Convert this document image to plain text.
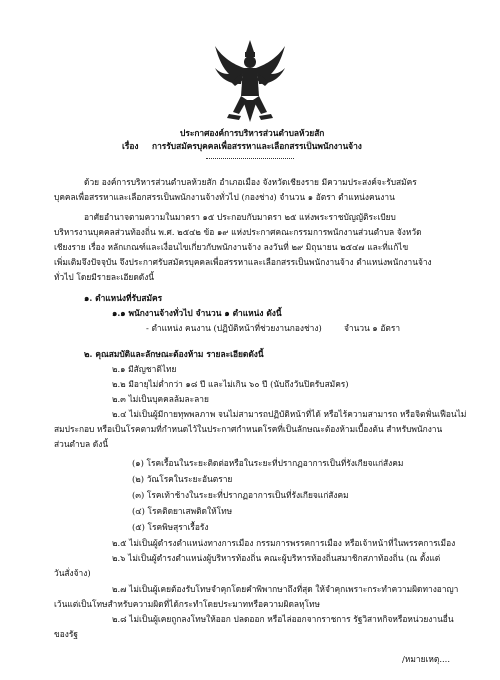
ประกาศองค์การบริหารส่วนตำบลห้วยสัก
เรื่อง การรับสมัครบุคคลเพื่อสรรหาและเลือกสรรเป็นพนักงานจ้าง
ด้วย องค์การบริหารส่วนตำบลห้วยสัก อำเภอเมือง จังหวัดเชียงราย มีความประสงค์จะรับสมัคร
บุคคลเพื่อสรรหาและเลือกสรรเป็นพนักงานจ้างทั่วไป (กองช่าง) จำนวน ๑ อัตรา ตำแหน่งคนงาน
อาศัยอำนาจตามความในมาตรา ๑๕ ประกอบกับมาตรา ๒๕ แห่งพระราชบัญญัติระเบียบ
บริหารงานบุคคลส่วนท้องถิ่น พ.ศ. ๒๕๔๒ ข้อ ๑๙ แห่งประกาศคณะกรรมการพนักงานส่วนตำบล จังหวัด
เชียงราย เรื่อง หลักเกณฑ์และเงื่อนไขเกี่ยวกับพนักงานจ้าง ลงวันที่ ๒๙ มิถุนายน ๒๕๔๗ และที่แก้ไข
เพิ่มเติมจึงปัจจุบัน จึงประกาศรับสมัครบุคคลเพื่อสรรหาและเลือกสรรเป็นพนักงานจ้าง ตำแหน่งพนักงานจ้าง
ทั่วไป โดยมีรายละเอียดดังนี้
๑. ตำแหน่งที่รับสมัคร
๑.๑ พนักงานจ้างทั่วไป จำนวน ๑ ตำแหน่ง ดังนี้
- ตำแหน่ง คนงาน (ปฏิบัติหน้าที่ช่วยงานกองช่าง)	จำนวน ๑ อัตรา
๒. คุณสมบัติและลักษณะต้องห้าม รายละเอียดดังนี้
๒.๑ มีสัญชาติไทย
๒.๒ มีอายุไม่ต่ำกว่า ๑๘ ปี และไม่เกิน ๖๐ ปี (นับถึงวันปิดรับสมัคร)
๒.๓ ไม่เป็นบุคคลล้มละลาย
๒.๔ ไม่เป็นผู้มีกายทุพพลภาพ จนไม่สามารถปฏิบัติหน้าที่ได้ หรือไร้ความสามารถ หรือจิตฟั่นเฟือนไม่
สมประกอบ หรือเป็นโรคตามที่กำหนดไว้ในประกาศกำหนดโรคที่เป็นลักษณะต้องห้ามเบื้องต้น สำหรับพนักงาน
ส่วนตำบล ดังนี้
(๑) โรคเรื้อนในระยะติดต่อหรือในระยะที่ปรากฏอาการเป็นที่รังเกียจแก่สังคม
(๒) วัณโรคในระยะอันตราย
(๓) โรคเท้าช้างในระยะที่ปรากฏอาการเป็นที่รังเกียจแก่สังคม
(๔) โรคติดยาเสพติดให้โทษ
(๕) โรคพิษสุราเรื้อรัง
๒.๕ ไม่เป็นผู้ดำรงตำแหน่งทางการเมือง กรรมการพรรคการเมือง หรือเจ้าหน้าที่ในพรรคการเมือง
๒.๖ ไม่เป็นผู้ดำรงตำแหน่งผู้บริหารท้องถิ่น คณะผู้บริหารท้องถิ่นสมาชิกสภาท้องถิ่น (ณ ตั้งแต่
วันสั่งจ้าง)
๒.๗ ไม่เป็นผู้เคยต้องรับโทษจำคุกโดยคำพิพากษาถึงที่สุด ให้จำคุกเพราะกระทำความผิดทางอาญา
เว้นแต่เป็นโทษสำหรับความผิดที่ได้กระทำโดยประมาทหรือความผิดลหุโทษ
๒.๘ ไม่เป็นผู้เคยถูกลงโทษให้ออก ปลดออก หรือไล่ออกจากราชการ รัฐวิสาหกิจหรือหน่วยงานอื่น
ของรัฐ
/หมายเหตุ....
